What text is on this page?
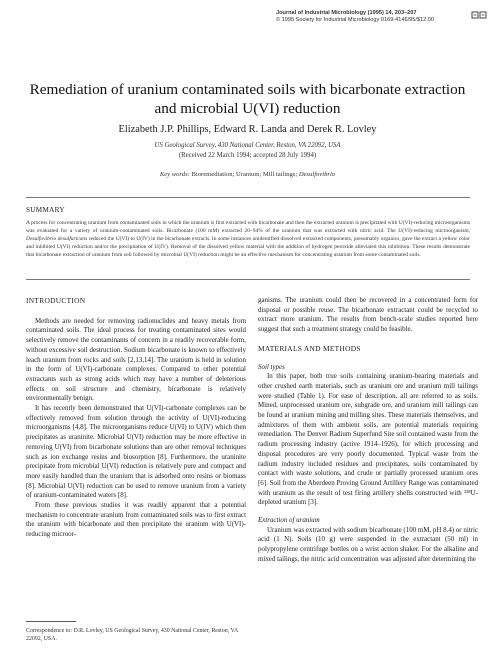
Journal of Industrial Microbiology (1995) 14, 203–207
© 1995 Society for Industrial Microbiology 0169-4146/95/$12.00
Remediation of uranium contaminated soils with bicarbonate extraction and microbial U(VI) reduction
Elizabeth J.P. Phillips, Edward R. Landa and Derek R. Lovley
US Geological Survey, 430 National Center, Reston, VA 22092, USA
(Received 22 March 1994; accepted 28 July 1994)
Key words: Bioremediation; Uranium; Mill tailings; Desulfovibrio
SUMMARY
A process for concentrating uranium from contaminated soils in which the uranium is first extracted with bicarbonate and then the extracted uranium is precipitated with U(VI)-reducing microorganisms was evaluated for a variety of uranium-contaminated soils. Bicarbonate (100 mM) extracted 20–94% of the uranium that was extracted with nitric acid. The U(VI)-reducing microorganism, Desulfovibrio desulfuricans reduced the U(VI) to U(IV) in the bicarbonate extracts. In some instances unidentified dissolved extracted components, presumably organics, gave the extract a yellow color and inhibited U(VI) reduction and/or the precipitation of U(IV). Removal of the dissolved yellow material with the addition of hydrogen peroxide alleviated this inhibition. These results demonstrate that bicarbonate extraction of uranium from soil followed by microbial U(VI) reduction might be an effective mechanism for concentrating uranium from some contaminated soils.

INTRODUCTION

Methods are needed for removing radionuclides and heavy metals from contaminated soils. The ideal process for treating contaminated sites would selectively remove the contaminants of concern in a readily recoverable form, without excessive soil destruction. Sodium bicarbonate is known to effectively leach uranium from rocks and soils [2,13,14]. The uranium is held in solution in the form of U(VI)-carbonate complexes. Compared to other potential extractants such as strong acids which may have a number of deleterious effects on soil structure and chemistry, bicarbonate is relatively environmentally benign.

It has recently been demonstrated that U(VI)-carbonate complexes can be effectively removed from solution through the activity of U(VI)-reducing microorganisms [4,8]. The microorganisms reduce U(VI) to U(IV) which then precipitates as uraninite. Microbial U(VI) reduction may be more effective in removing U(VI) from bicarbonate solutions than are other removal techniques such as ion exchange resins and biosorption [8]. Furthermore, the uraninite precipitate from microbial U(VI) reduction is relatively pure and compact and more easily handled than the uranium that is adsorbed onto resins or biomass [8]. Microbial U(VI) reduction can be used to remove uranium from a variety of uranium-contaminated waters [8].

From these previous studies it was readily apparent that a potential mechanism to concentrate uranium from contaminated soils was to first extract the uranium with bicarbonate and then precipitate the uranium with U(VI)-reducing microor-

Correspondence to: D.R. Lovley, US Geological Survey, 430 National Center, Reston, VA 22092, USA.

ganisms. The uranium could then be recovered in a concentrated form for disposal or possible reuse. The bicarbonate extractant could be recycled to extract more uranium. The results from bench-scale studies reported here suggest that such a treatment strategy could be feasible.

MATERIALS AND METHODS

Soil types

In this paper, both true soils containing uranium-bearing materials and other crushed earth materials, such as uranium ore and uranium mill tailings were studied (Table 1). For ease of description, all are referred to as soils. Mined, unprocessed uranium ore, subgrade ore, and uranium mill tailings can be found at uranium mining and milling sites. These materials themselves, and admixtures of them with ambient soils, are potential materials requiring remediation. The Denver Radium Superfund Site soil contained waste from the radium processing industry (active 1914–1926), for which processing and disposal procedures are very poorly documented. Typical waste from the radium industry included residues and precipitates, soils contaminated by contact with waste solutions, and crude or partially processed uranium ores [6]. Soil from the Aberdeen Proving Ground Artillery Range was contaminated with uranium as the result of test firing artillery shells constructed with ²³⁸U-depleted uranium [3].

Extraction of uranium

Uranium was extracted with sodium bicarbonate (100 mM, pH 8.4) or nitric acid (1 N). Soils (10 g) were suspended in the extractant (50 ml) in polypropylene centrifuge bottles on a wrist action shaker. For the alkaline and mixed tailings, the nitric acid concentration was adjusted after determining the
